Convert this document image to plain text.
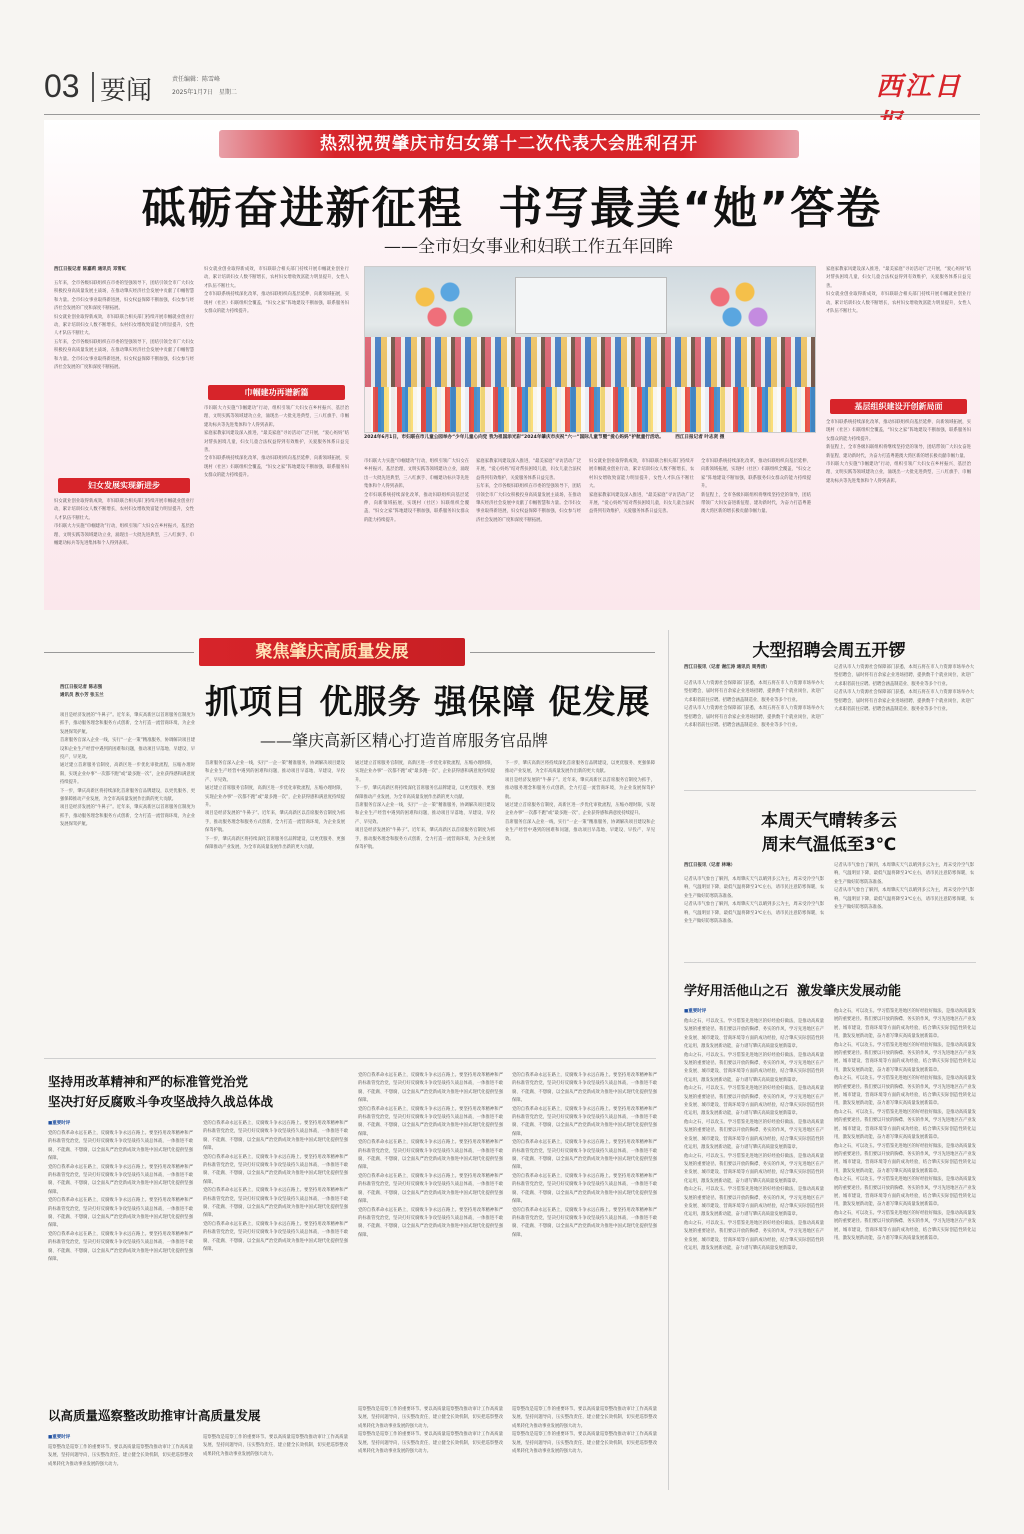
03 要闻	责任编辑：陈雪峰
2025年1月7日　星期二	西江日
热烈祝贺肇庆市妇女第十二次代表大会胜利召开
砥砺奋进新征程  书写最美“她”答卷
——全市妇女事业和妇联工作五年回眸
西江日报记者 陈嘉莉 通讯员 邓雪虹

五年来，全市各级妇联组织在市委的坚强领导下，团结引领全市广大妇女积极投身高质量发展主战场，在推动肇庆经济社会发展中贡献了巾帼智慧和力量。全市妇女事业取得新进展，妇女权益保障不断加强，妇女参与经济社会发展的广度和深度不断拓展。

妇女就业创业取得新成效，市妇联联合相关部门持续开展巾帼就业创业行动，累计培训妇女人数不断增长，农村妇女增收致富能力明显提升，女性人才队伍不断壮大。

五年来，全市各级妇联组织在市委的坚强领导下，团结引领全市广大妇女积极投身高质量发展主战场，在推动肇庆经济社会发展中贡献了巾帼智慧和力量。全市妇女事业取得新进展，妇女权益保障不断加强，妇女参与经济社会发展的广度和深度不断拓展。

妇女发展实现新进步

妇女就业创业取得新成效，市妇联联合相关部门持续开展巾帼就业创业行动，累计培训妇女人数不断增长，农村妇女增收致富能力明显提升，女性人才队伍不断壮大。

市妇联大力实施“巾帼建功”行动，组织引领广大妇女在乡村振兴、基层治理、文明实践等领域建功立业，涌现出一大批先进典型，三八红旗手、巾帼建功标兵等先进集体和个人得到表彰。

妇女就业创业取得新成效，市妇联联合相关部门持续开展巾帼就业创业行动，累计培训妇女人数不断增长，农村妇女增收致富能力明显提升，女性人才队伍不断壮大。

全市妇联系统持续深化改革，推动妇联组织向基层延伸、向新领域拓展，实现村（社区）妇联组织全覆盖，“妇女之家”阵地建设不断加强，联系服务妇女群众的能力持续提升。

巾帼建功再谱新篇

市妇联大力实施“巾帼建功”行动，组织引领广大妇女在乡村振兴、基层治理、文明实践等领域建功立业，涌现出一大批先进典型，三八红旗手、巾帼建功标兵等先进集体和个人得到表彰。

家庭家教家风建设深入推进，“最美家庭”寻访活动广泛开展，“爱心妈妈”结对帮扶困境儿童，妇女儿童合法权益得到有效维护，关爱服务体系日益完善。

全市妇联系统持续深化改革，推动妇联组织向基层延伸、向新领域拓展，实现村（社区）妇联组织全覆盖，“妇女之家”阵地建设不断加强，联系服务妇女群众的能力持续提升。

2024年6月1日，市妇联在市儿童公园举办“少年儿童心向党 我为祖国添光彩”2024年肇庆市庆祝“六一”国际儿童节暨“爱心妈妈”护航童行活动。　　　西江日报记者 叶志贤 摄

市妇联大力实施“巾帼建功”行动，组织引领广大妇女在乡村振兴、基层治理、文明实践等领域建功立业，涌现出一大批先进典型，三八红旗手、巾帼建功标兵等先进集体和个人得到表彰。

全市妇联系统持续深化改革，推动妇联组织向基层延伸、向新领域拓展，实现村（社区）妇联组织全覆盖，“妇女之家”阵地建设不断加强，联系服务妇女群众的能力持续提升。

家庭家教家风建设深入推进，“最美家庭”寻访活动广泛开展，“爱心妈妈”结对帮扶困境儿童，妇女儿童合法权益得到有效维护，关爱服务体系日益完善。

五年来，全市各级妇联组织在市委的坚强领导下，团结引领全市广大妇女积极投身高质量发展主战场，在推动肇庆经济社会发展中贡献了巾帼智慧和力量。全市妇女事业取得新进展，妇女权益保障不断加强，妇女参与经济社会发展的广度和深度不断拓展。

妇女就业创业取得新成效，市妇联联合相关部门持续开展巾帼就业创业行动，累计培训妇女人数不断增长，农村妇女增收致富能力明显提升，女性人才队伍不断壮大。

家庭家教家风建设深入推进，“最美家庭”寻访活动广泛开展，“爱心妈妈”结对帮扶困境儿童，妇女儿童合法权益得到有效维护，关爱服务体系日益完善。

全市妇联系统持续深化改革，推动妇联组织向基层延伸、向新领域拓展，实现村（社区）妇联组织全覆盖，“妇女之家”阵地建设不断加强，联系服务妇女群众的能力持续提升。

新征程上，全市各级妇联组织将继续坚持党的领导，团结带领广大妇女奋进新征程、建功新时代，为奋力打造粤港澳大湾区新的增长极贡献巾帼力量。

家庭家教家风建设深入推进，“最美家庭”寻访活动广泛开展，“爱心妈妈”结对帮扶困境儿童，妇女儿童合法权益得到有效维护，关爱服务体系日益完善。

妇女就业创业取得新成效，市妇联联合相关部门持续开展巾帼就业创业行动，累计培训妇女人数不断增长，农村妇女增收致富能力明显提升，女性人才队伍不断壮大。

基层组织建设开创新局面

全市妇联系统持续深化改革，推动妇联组织向基层延伸、向新领域拓展，实现村（社区）妇联组织全覆盖，“妇女之家”阵地建设不断加强，联系服务妇女群众的能力持续提升。

新征程上，全市各级妇联组织将继续坚持党的领导，团结带领广大妇女奋进新征程、建功新时代，为奋力打造粤港澳大湾区新的增长极贡献巾帼力量。

市妇联大力实施“巾帼建功”行动，组织引领广大妇女在乡村振兴、基层治理、文明实践等领域建功立业，涌现出一大批先进典型，三八红旗手、巾帼建功标兵等先进集体和个人得到表彰。

聚焦肇庆高质量发展
抓项目 优服务 强保障 促发展
——肇庆高新区精心打造首席服务官品牌
西江日报记者 陈志强
通讯员 敖小芳 张玉兰

项目是经济发展的“牛鼻子”。近年来，肇庆高新区以首席服务官制度为抓手，推动服务理念和服务方式创新，全力打造一流营商环境，为企业发展保驾护航。

首席服务官深入企业一线，实行“一企一策”精准服务，协调解决项目建设和企业生产经营中遇到的困难和问题，推动项目早落地、早建设、早投产、早见效。

通过建立首席服务官制度，高新区进一步优化审批流程，压缩办理时限，实现企业办事“一次都不跑”或“最多跑一次”，企业获得感和满意度持续提升。

下一步，肇庆高新区将持续深化首席服务官品牌建设，以更优服务、更强保障推动产业发展，为全市高质量发展作出新的更大贡献。

项目是经济发展的“牛鼻子”。近年来，肇庆高新区以首席服务官制度为抓手，推动服务理念和服务方式创新，全力打造一流营商环境，为企业发展保驾护航。

首席服务官深入企业一线，实行“一企一策”精准服务，协调解决项目建设和企业生产经营中遇到的困难和问题，推动项目早落地、早建设、早投产、早见效。

通过建立首席服务官制度，高新区进一步优化审批流程，压缩办理时限，实现企业办事“一次都不跑”或“最多跑一次”，企业获得感和满意度持续提升。

项目是经济发展的“牛鼻子”。近年来，肇庆高新区以首席服务官制度为抓手，推动服务理念和服务方式创新，全力打造一流营商环境，为企业发展保驾护航。

下一步，肇庆高新区将持续深化首席服务官品牌建设，以更优服务、更强保障推动产业发展，为全市高质量发展作出新的更大贡献。

通过建立首席服务官制度，高新区进一步优化审批流程，压缩办理时限，实现企业办事“一次都不跑”或“最多跑一次”，企业获得感和满意度持续提升。

下一步，肇庆高新区将持续深化首席服务官品牌建设，以更优服务、更强保障推动产业发展，为全市高质量发展作出新的更大贡献。

首席服务官深入企业一线，实行“一企一策”精准服务，协调解决项目建设和企业生产经营中遇到的困难和问题，推动项目早落地、早建设、早投产、早见效。

项目是经济发展的“牛鼻子”。近年来，肇庆高新区以首席服务官制度为抓手，推动服务理念和服务方式创新，全力打造一流营商环境，为企业发展保驾护航。

下一步，肇庆高新区将持续深化首席服务官品牌建设，以更优服务、更强保障推动产业发展，为全市高质量发展作出新的更大贡献。

项目是经济发展的“牛鼻子”。近年来，肇庆高新区以首席服务官制度为抓手，推动服务理念和服务方式创新，全力打造一流营商环境，为企业发展保驾护航。

通过建立首席服务官制度，高新区进一步优化审批流程，压缩办理时限，实现企业办事“一次都不跑”或“最多跑一次”，企业获得感和满意度持续提升。

首席服务官深入企业一线，实行“一企一策”精准服务，协调解决项目建设和企业生产经营中遇到的困难和问题，推动项目早落地、早建设、早投产、早见效。

大型招聘会周五开锣
西江日报讯（记者 谢江涛 通讯员 周秀清）

记者从市人力资源社会保障部门获悉，本周五将在市人力资源市场举办大型招聘会，届时将有百余家企业进场招聘，提供数千个就业岗位，欢迎广大求职者前往应聘。招聘会涵盖制造业、服务业等多个行业。

记者从市人力资源社会保障部门获悉，本周五将在市人力资源市场举办大型招聘会，届时将有百余家企业进场招聘，提供数千个就业岗位，欢迎广大求职者前往应聘。招聘会涵盖制造业、服务业等多个行业。

记者从市人力资源社会保障部门获悉，本周五将在市人力资源市场举办大型招聘会，届时将有百余家企业进场招聘，提供数千个就业岗位，欢迎广大求职者前往应聘。招聘会涵盖制造业、服务业等多个行业。

记者从市人力资源社会保障部门获悉，本周五将在市人力资源市场举办大型招聘会，届时将有百余家企业进场招聘，提供数千个就业岗位，欢迎广大求职者前往应聘。招聘会涵盖制造业、服务业等多个行业。

本周天气晴转多云
周末气温低至3℃
西江日报讯（记者 林琳）

记者从市气象台了解到，本周肇庆天气以晴到多云为主，周末受冷空气影响，气温明显下降，最低气温将降至3℃左右，请市民注意防寒保暖，农业生产做好防寒防冻准备。

记者从市气象台了解到，本周肇庆天气以晴到多云为主，周末受冷空气影响，气温明显下降，最低气温将降至3℃左右，请市民注意防寒保暖，农业生产做好防寒防冻准备。

记者从市气象台了解到，本周肇庆天气以晴到多云为主，周末受冷空气影响，气温明显下降，最低气温将降至3℃左右，请市民注意防寒保暖，农业生产做好防寒防冻准备。

记者从市气象台了解到，本周肇庆天气以晴到多云为主，周末受冷空气影响，气温明显下降，最低气温将降至3℃左右，请市民注意防寒保暖，农业生产做好防寒防冻准备。

学好用活他山之石  激发肇庆发展动能
■重要时评

他山之石，可以攻玉。学习借鉴先进地区的好经验好做法，是推动高质量发展的重要途径。我们要以开放的胸襟、务实的作风，学习先进地区在产业发展、城市建设、营商环境等方面的成功经验，结合肇庆实际创造性转化运用，激发发展新动能，奋力谱写肇庆高质量发展新篇章。

他山之石，可以攻玉。学习借鉴先进地区的好经验好做法，是推动高质量发展的重要途径。我们要以开放的胸襟、务实的作风，学习先进地区在产业发展、城市建设、营商环境等方面的成功经验，结合肇庆实际创造性转化运用，激发发展新动能，奋力谱写肇庆高质量发展新篇章。

他山之石，可以攻玉。学习借鉴先进地区的好经验好做法，是推动高质量发展的重要途径。我们要以开放的胸襟、务实的作风，学习先进地区在产业发展、城市建设、营商环境等方面的成功经验，结合肇庆实际创造性转化运用，激发发展新动能，奋力谱写肇庆高质量发展新篇章。

他山之石，可以攻玉。学习借鉴先进地区的好经验好做法，是推动高质量发展的重要途径。我们要以开放的胸襟、务实的作风，学习先进地区在产业发展、城市建设、营商环境等方面的成功经验，结合肇庆实际创造性转化运用，激发发展新动能，奋力谱写肇庆高质量发展新篇章。

他山之石，可以攻玉。学习借鉴先进地区的好经验好做法，是推动高质量发展的重要途径。我们要以开放的胸襟、务实的作风，学习先进地区在产业发展、城市建设、营商环境等方面的成功经验，结合肇庆实际创造性转化运用，激发发展新动能，奋力谱写肇庆高质量发展新篇章。

他山之石，可以攻玉。学习借鉴先进地区的好经验好做法，是推动高质量发展的重要途径。我们要以开放的胸襟、务实的作风，学习先进地区在产业发展、城市建设、营商环境等方面的成功经验，结合肇庆实际创造性转化运用，激发发展新动能，奋力谱写肇庆高质量发展新篇章。

他山之石，可以攻玉。学习借鉴先进地区的好经验好做法，是推动高质量发展的重要途径。我们要以开放的胸襟、务实的作风，学习先进地区在产业发展、城市建设、营商环境等方面的成功经验，结合肇庆实际创造性转化运用，激发发展新动能，奋力谱写肇庆高质量发展新篇章。

他山之石，可以攻玉。学习借鉴先进地区的好经验好做法，是推动高质量发展的重要途径。我们要以开放的胸襟、务实的作风，学习先进地区在产业发展、城市建设、营商环境等方面的成功经验，结合肇庆实际创造性转化运用，激发发展新动能，奋力谱写肇庆高质量发展新篇章。

他山之石，可以攻玉。学习借鉴先进地区的好经验好做法，是推动高质量发展的重要途径。我们要以开放的胸襟、务实的作风，学习先进地区在产业发展、城市建设、营商环境等方面的成功经验，结合肇庆实际创造性转化运用，激发发展新动能，奋力谱写肇庆高质量发展新篇章。

他山之石，可以攻玉。学习借鉴先进地区的好经验好做法，是推动高质量发展的重要途径。我们要以开放的胸襟、务实的作风，学习先进地区在产业发展、城市建设、营商环境等方面的成功经验，结合肇庆实际创造性转化运用，激发发展新动能，奋力谱写肇庆高质量发展新篇章。

他山之石，可以攻玉。学习借鉴先进地区的好经验好做法，是推动高质量发展的重要途径。我们要以开放的胸襟、务实的作风，学习先进地区在产业发展、城市建设、营商环境等方面的成功经验，结合肇庆实际创造性转化运用，激发发展新动能，奋力谱写肇庆高质量发展新篇章。

他山之石，可以攻玉。学习借鉴先进地区的好经验好做法，是推动高质量发展的重要途径。我们要以开放的胸襟、务实的作风，学习先进地区在产业发展、城市建设、营商环境等方面的成功经验，结合肇庆实际创造性转化运用，激发发展新动能，奋力谱写肇庆高质量发展新篇章。

他山之石，可以攻玉。学习借鉴先进地区的好经验好做法，是推动高质量发展的重要途径。我们要以开放的胸襟、务实的作风，学习先进地区在产业发展、城市建设、营商环境等方面的成功经验，结合肇庆实际创造性转化运用，激发发展新动能，奋力谱写肇庆高质量发展新篇章。

他山之石，可以攻玉。学习借鉴先进地区的好经验好做法，是推动高质量发展的重要途径。我们要以开放的胸襟、务实的作风，学习先进地区在产业发展、城市建设、营商环境等方面的成功经验，结合肇庆实际创造性转化运用，激发发展新动能，奋力谱写肇庆高质量发展新篇章。

坚持用改革精神和严的标准管党治党
坚决打好反腐败斗争攻坚战持久战总体战
■重要时评

党的自我革命永远在路上，反腐败斗争永远在路上。要坚持用改革精神和严的标准管党治党，坚决打好反腐败斗争攻坚战持久战总体战，一体推进不敢腐、不能腐、不想腐，以全面从严治党新成效为推进中国式现代化提供坚强保障。

党的自我革命永远在路上，反腐败斗争永远在路上。要坚持用改革精神和严的标准管党治党，坚决打好反腐败斗争攻坚战持久战总体战，一体推进不敢腐、不能腐、不想腐，以全面从严治党新成效为推进中国式现代化提供坚强保障。

党的自我革命永远在路上，反腐败斗争永远在路上。要坚持用改革精神和严的标准管党治党，坚决打好反腐败斗争攻坚战持久战总体战，一体推进不敢腐、不能腐、不想腐，以全面从严治党新成效为推进中国式现代化提供坚强保障。

党的自我革命永远在路上，反腐败斗争永远在路上。要坚持用改革精神和严的标准管党治党，坚决打好反腐败斗争攻坚战持久战总体战，一体推进不敢腐、不能腐、不想腐，以全面从严治党新成效为推进中国式现代化提供坚强保障。

党的自我革命永远在路上，反腐败斗争永远在路上。要坚持用改革精神和严的标准管党治党，坚决打好反腐败斗争攻坚战持久战总体战，一体推进不敢腐、不能腐、不想腐，以全面从严治党新成效为推进中国式现代化提供坚强保障。

党的自我革命永远在路上，反腐败斗争永远在路上。要坚持用改革精神和严的标准管党治党，坚决打好反腐败斗争攻坚战持久战总体战，一体推进不敢腐、不能腐、不想腐，以全面从严治党新成效为推进中国式现代化提供坚强保障。

党的自我革命永远在路上，反腐败斗争永远在路上。要坚持用改革精神和严的标准管党治党，坚决打好反腐败斗争攻坚战持久战总体战，一体推进不敢腐、不能腐、不想腐，以全面从严治党新成效为推进中国式现代化提供坚强保障。

党的自我革命永远在路上，反腐败斗争永远在路上。要坚持用改革精神和严的标准管党治党，坚决打好反腐败斗争攻坚战持久战总体战，一体推进不敢腐、不能腐、不想腐，以全面从严治党新成效为推进中国式现代化提供坚强保障。

党的自我革命永远在路上，反腐败斗争永远在路上。要坚持用改革精神和严的标准管党治党，坚决打好反腐败斗争攻坚战持久战总体战，一体推进不敢腐、不能腐、不想腐，以全面从严治党新成效为推进中国式现代化提供坚强保障。

党的自我革命永远在路上，反腐败斗争永远在路上。要坚持用改革精神和严的标准管党治党，坚决打好反腐败斗争攻坚战持久战总体战，一体推进不敢腐、不能腐、不想腐，以全面从严治党新成效为推进中国式现代化提供坚强保障。

党的自我革命永远在路上，反腐败斗争永远在路上。要坚持用改革精神和严的标准管党治党，坚决打好反腐败斗争攻坚战持久战总体战，一体推进不敢腐、不能腐、不想腐，以全面从严治党新成效为推进中国式现代化提供坚强保障。

党的自我革命永远在路上，反腐败斗争永远在路上。要坚持用改革精神和严的标准管党治党，坚决打好反腐败斗争攻坚战持久战总体战，一体推进不敢腐、不能腐、不想腐，以全面从严治党新成效为推进中国式现代化提供坚强保障。

党的自我革命永远在路上，反腐败斗争永远在路上。要坚持用改革精神和严的标准管党治党，坚决打好反腐败斗争攻坚战持久战总体战，一体推进不敢腐、不能腐、不想腐，以全面从严治党新成效为推进中国式现代化提供坚强保障。

党的自我革命永远在路上，反腐败斗争永远在路上。要坚持用改革精神和严的标准管党治党，坚决打好反腐败斗争攻坚战持久战总体战，一体推进不敢腐、不能腐、不想腐，以全面从严治党新成效为推进中国式现代化提供坚强保障。

党的自我革命永远在路上，反腐败斗争永远在路上。要坚持用改革精神和严的标准管党治党，坚决打好反腐败斗争攻坚战持久战总体战，一体推进不敢腐、不能腐、不想腐，以全面从严治党新成效为推进中国式现代化提供坚强保障。

党的自我革命永远在路上，反腐败斗争永远在路上。要坚持用改革精神和严的标准管党治党，坚决打好反腐败斗争攻坚战持久战总体战，一体推进不敢腐、不能腐、不想腐，以全面从严治党新成效为推进中国式现代化提供坚强保障。

党的自我革命永远在路上，反腐败斗争永远在路上。要坚持用改革精神和严的标准管党治党，坚决打好反腐败斗争攻坚战持久战总体战，一体推进不敢腐、不能腐、不想腐，以全面从严治党新成效为推进中国式现代化提供坚强保障。

党的自我革命永远在路上，反腐败斗争永远在路上。要坚持用改革精神和严的标准管党治党，坚决打好反腐败斗争攻坚战持久战总体战，一体推进不敢腐、不能腐、不想腐，以全面从严治党新成效为推进中国式现代化提供坚强保障。

以高质量巡察整改助推审计高质量发展
■重要时评

巡察整改是巡察工作的重要环节。要以高质量巡察整改推动审计工作高质量发展，坚持问题导向，压实整改责任，建立健全长效机制，切实把巡察整改成果转化为推动事业发展的强大动力。

巡察整改是巡察工作的重要环节。要以高质量巡察整改推动审计工作高质量发展，坚持问题导向，压实整改责任，建立健全长效机制，切实把巡察整改成果转化为推动事业发展的强大动力。

巡察整改是巡察工作的重要环节。要以高质量巡察整改推动审计工作高质量发展，坚持问题导向，压实整改责任，建立健全长效机制，切实把巡察整改成果转化为推动事业发展的强大动力。

巡察整改是巡察工作的重要环节。要以高质量巡察整改推动审计工作高质量发展，坚持问题导向，压实整改责任，建立健全长效机制，切实把巡察整改成果转化为推动事业发展的强大动力。

巡察整改是巡察工作的重要环节。要以高质量巡察整改推动审计工作高质量发展，坚持问题导向，压实整改责任，建立健全长效机制，切实把巡察整改成果转化为推动事业发展的强大动力。

巡察整改是巡察工作的重要环节。要以高质量巡察整改推动审计工作高质量发展，坚持问题导向，压实整改责任，建立健全长效机制，切实把巡察整改成果转化为推动事业发展的强大动力。
